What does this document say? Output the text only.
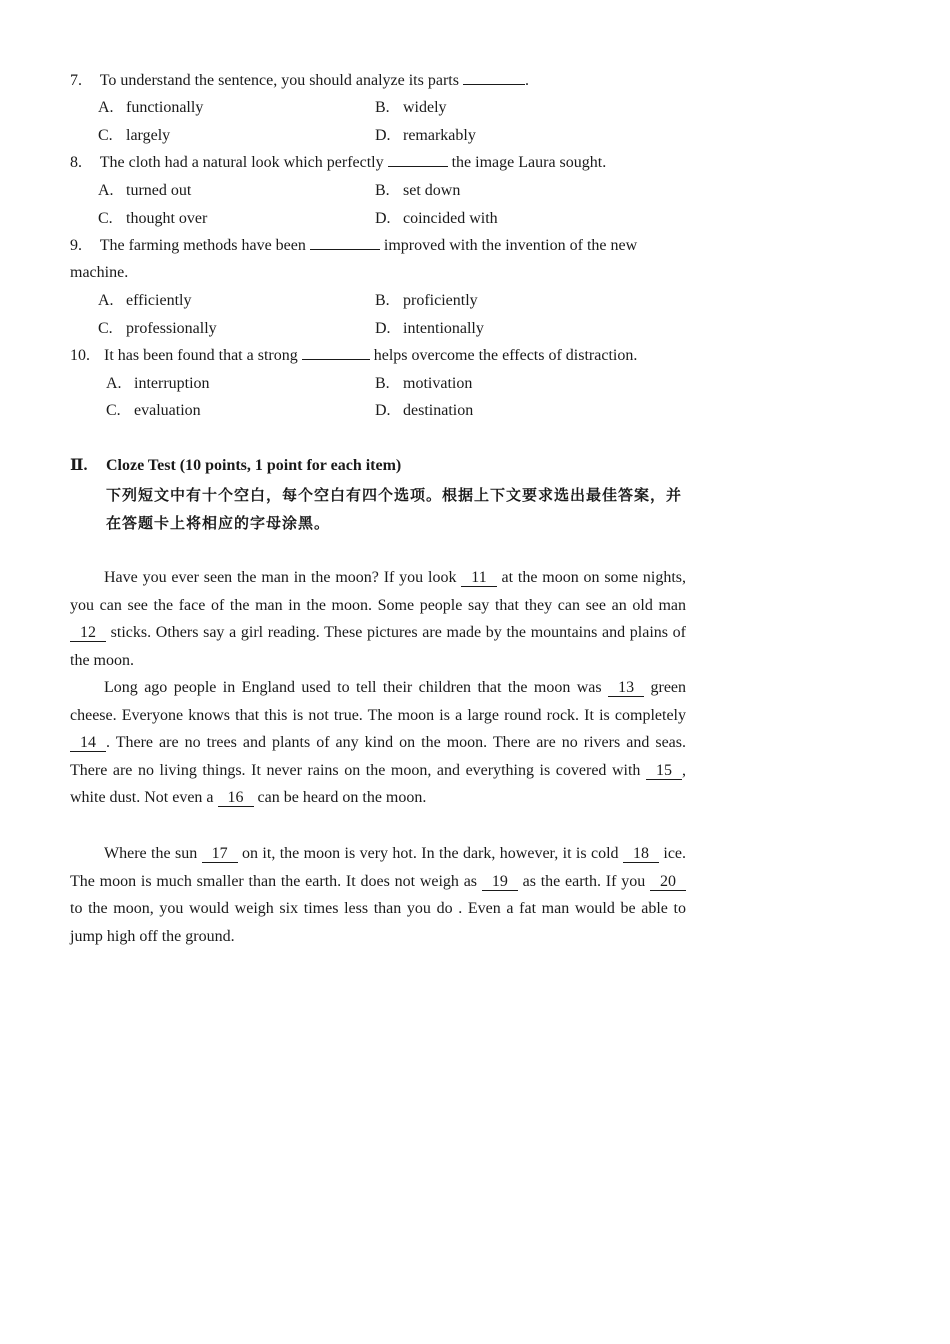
7. To understand the sentence, you should analyze its parts	.
A. functionally	B. widely
C. largely	D. remarkably
8. The cloth had a natural look which perfectly	the image Laura sought.
A. turned out	B. set down
C. thought over	D. coincided with
9. The farming methods have been	improved with the invention of the new machine.
A. efficiently	B. proficiently
C. professionally	D. intentionally
10. It has been found that a strong	helps overcome the effects of distraction.
A. interruption	B. motivation
C. evaluation	D. destination
Ⅱ. Cloze Test (10 points, 1 point for each item)
下列短文中有十个空白，每个空白有四个选项。根据上下文要求选出最佳答案，并在答题卡上将相应的字母涂黑。
Have you ever seen the man in the moon? If you look 11 at the moon on some nights, you can see the face of the man in the moon. Some people say that they can see an old man 12 sticks. Others say a girl reading. These pictures are made by the mountains and plains of the moon.
Long ago people in England used to tell their children that the moon was 13 green cheese. Everyone knows that this is not true. The moon is a large round rock. It is completely 14 . There are no trees and plants of any kind on the moon. There are no rivers and seas. There are no living things. It never rains on the moon, and everything is covered with 15 , white dust. Not even a 16 can be heard on the moon.
Where the sun 17 on it, the moon is very hot. In the dark, however, it is cold 18 ice. The moon is much smaller than the earth. It does not weigh as 19 as the earth. If you 20 to the moon, you would weigh six times less than you do . Even a fat man would be able to jump high off the ground.
